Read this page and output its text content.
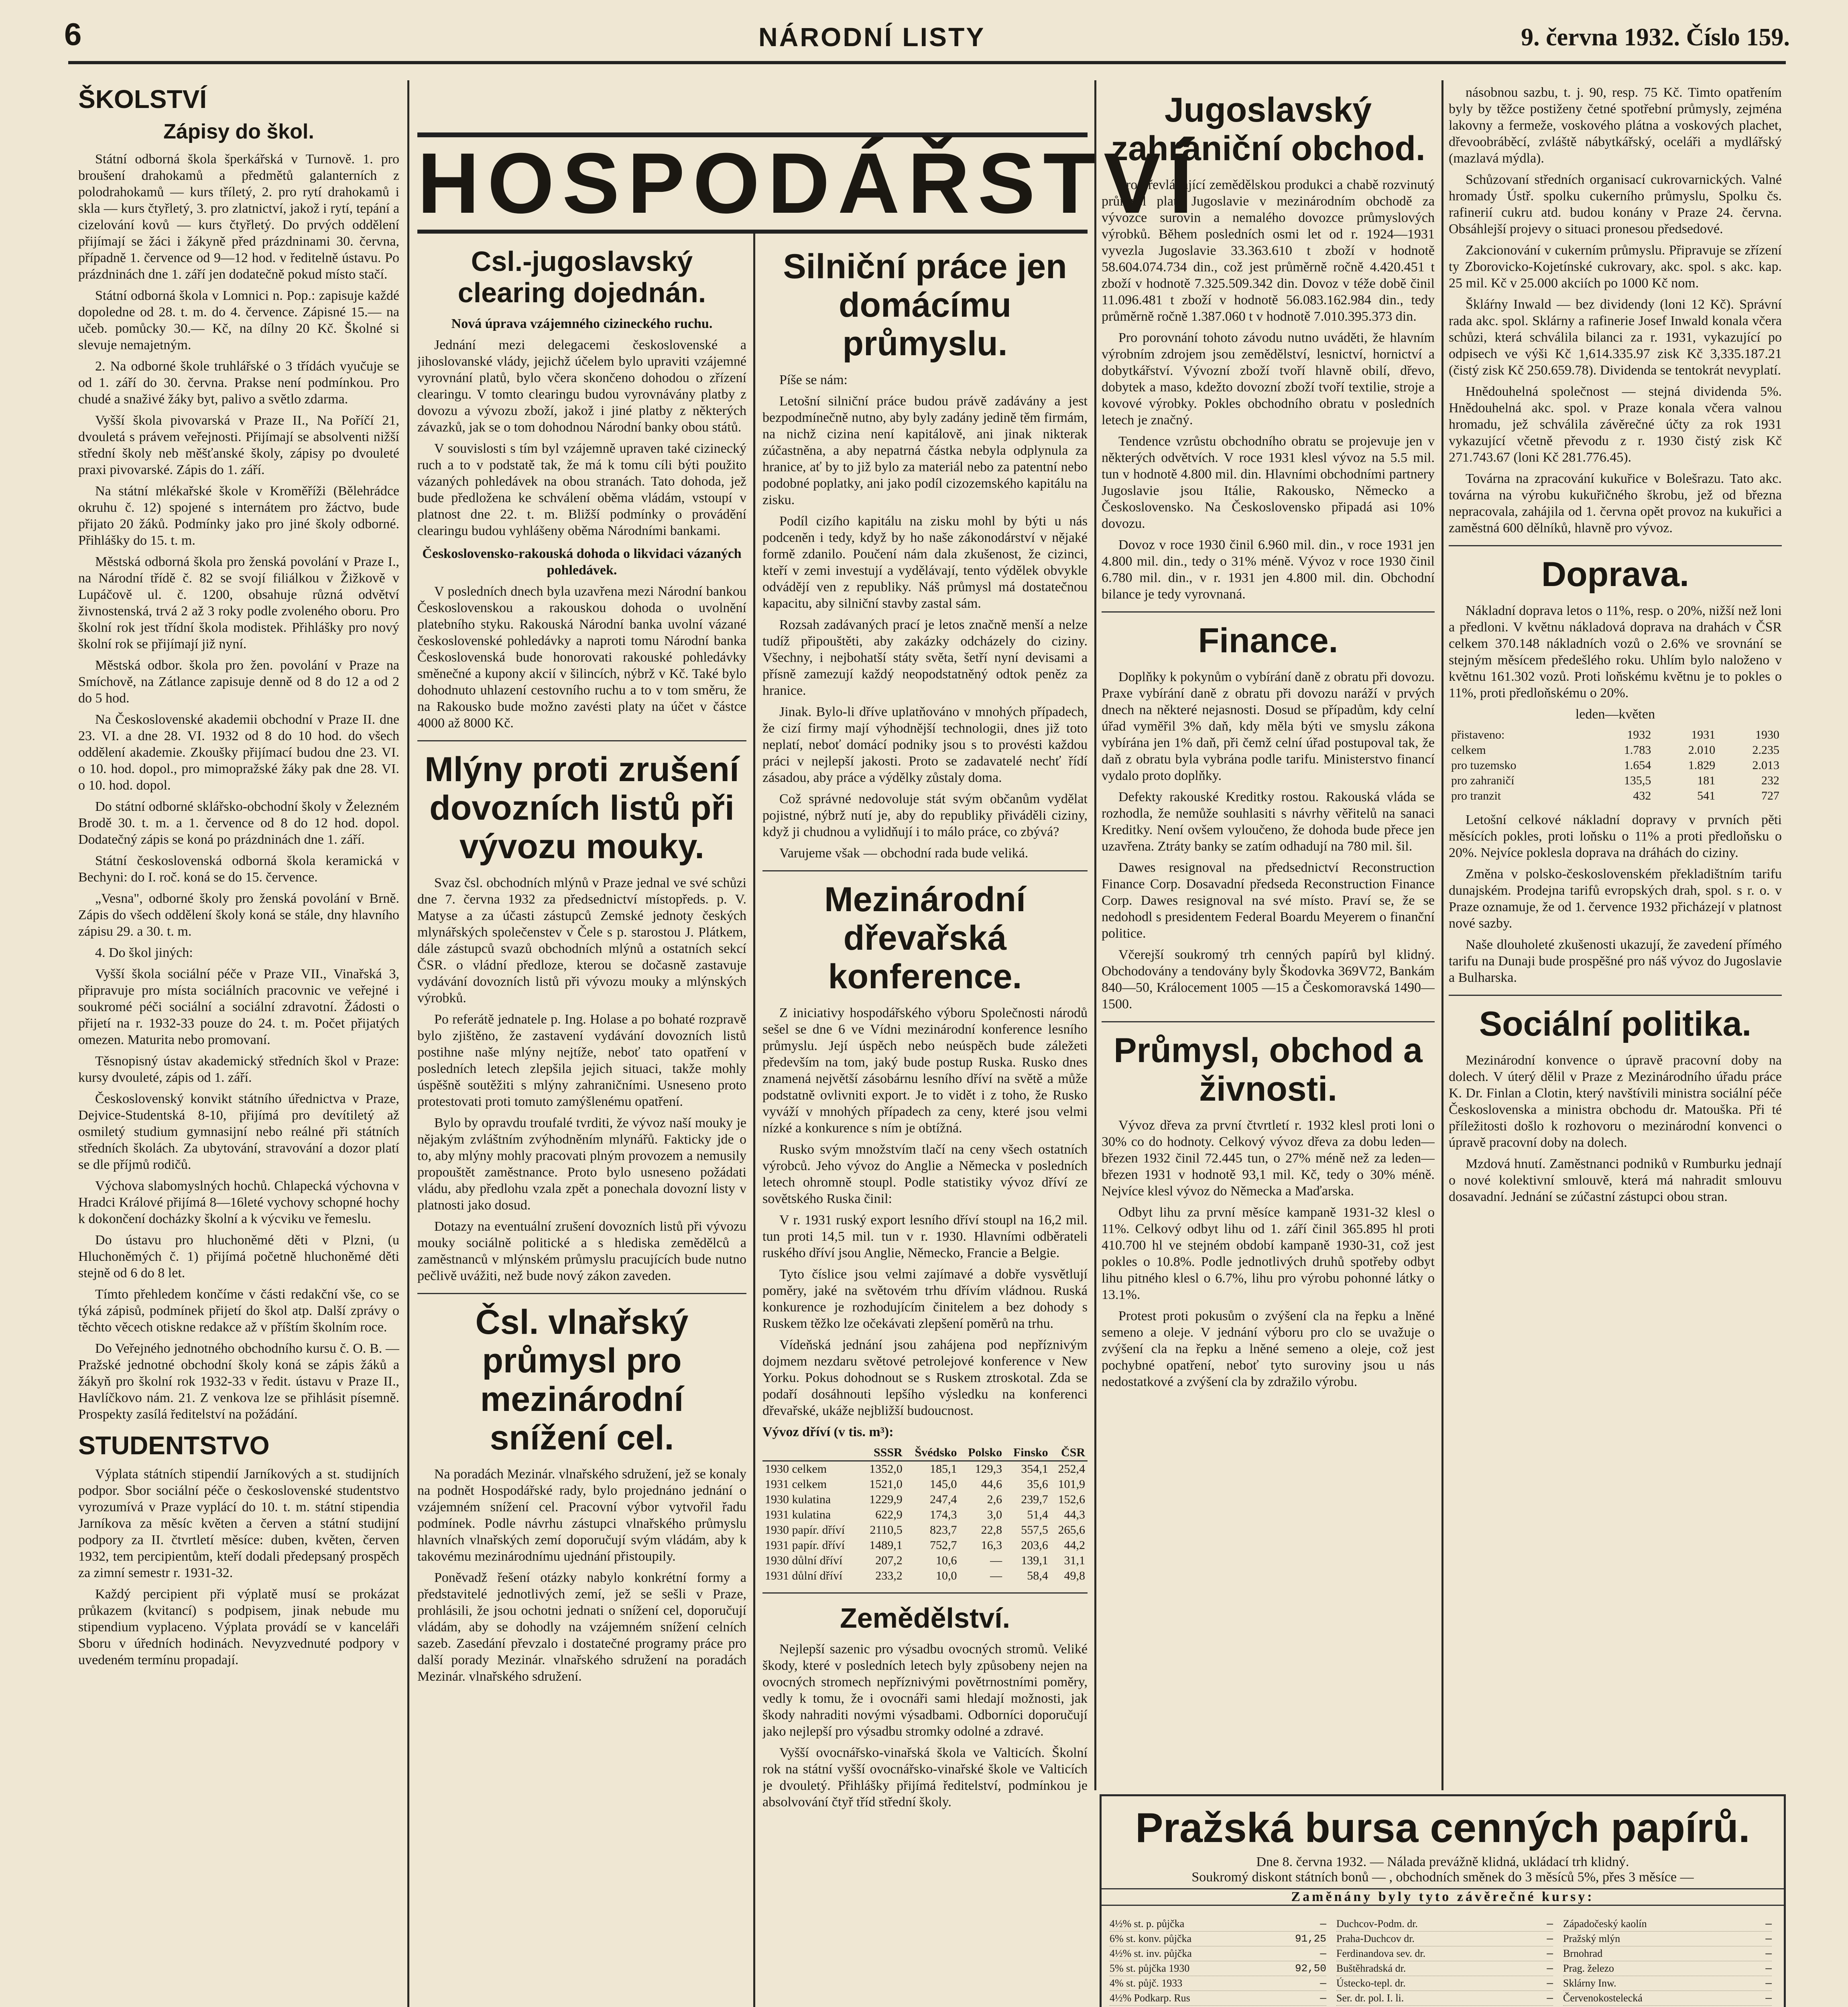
6	NÁRODNÍ LISTY	9. června 1932. Číslo 159.
ŠKOLSTVÍ
Zápisy do škol.
Státní odborná škola šperkářská v Turnově. 1. pro broušení drahokamů a předmětů galanterních z polodrahokamů — kurs tříletý, 2. pro rytí drahokamů i skla — kurs čtyřletý, 3. pro zlatnictví, jakož i rytí, tepání a cizelování kovů — kurs čtyřletý. Do prvých oddělení přijímají se žáci i žákyně před prázdninami 30. června, případně 1. července od 9—12 hod. v ředitelně ústavu. Po prázdninách dne 1. září jen dodatečně pokud místo stačí.
Státní odborná škola v Lomnici n. Pop.: zapisuje každé dopoledne od 28. t. m. do 4. července. Zápisné 15.— na učeb. pomůcky 30.— Kč, na dílny 20 Kč. Školné si slevuje nemajetným.
2. Na odborné škole truhlářské o 3 třídách vyučuje se od 1. září do 30. června. Prakse není podmínkou. Pro chudé a snaživé žáky byt, palivo a světlo zdarma.
Vyšší škola pivovarská v Praze II., Na Poříčí 21, dvouletá s právem veřejnosti. Přijímají se absolventi nižší střední školy neb měšťanské školy, zápisy po dvouleté praxi pivovarské. Zápis do 1. září.
Na státní mlékařské škole v Kroměříži (Bělehrádce okruhu č. 12) spojené s internátem pro žáctvo, bude přijato 20 žáků. Podmínky jako pro jiné školy odborné. Přihlášky do 15. t. m.
Městská odborná škola pro ženská povolání v Praze I., na Národní třídě č. 82 se svojí filiálkou v Žižkově v Lupáčově ul. č. 1200, obsahuje různá odvětví živnostenská, trvá 2 až 3 roky podle zvoleného oboru. Pro školní rok jest třídní škola modistek. Přihlášky pro nový školní rok se přijímají již nyní.
Městská odbor. škola pro žen. povolání v Praze na Smíchově, na Zátlance zapisuje denně od 8 do 12 a od 2 do 5 hod.
Na Československé akademii obchodní v Praze II. dne 23. VI. a dne 28. VI. 1932 od 8 do 10 hod. do všech oddělení akademie. Zkoušky přijímací budou dne 23. VI. o 10. hod. dopol., pro mimopražské žáky pak dne 28. VI. o 10. hod. dopol.
Do státní odborné sklářsko-obchodní školy v Železném Brodě 30. t. m. a 1. července od 8 do 12 hod. dopol. Dodatečný zápis se koná po prázdninách dne 1. září.
Státní československá odborná škola keramická v Bechyni: do I. roč. koná se do 15. července.
„Vesna", odborné školy pro ženská povolání v Brně. Zápis do všech oddělení školy koná se stále, dny hlavního zápisu 29. a 30. t. m.
4. Do škol jiných:
Vyšší škola sociální péče v Praze VII., Vinařská 3, připravuje pro místa sociálních pracovnic ve veřejné i soukromé péči sociální a sociální zdravotní. Žádosti o přijetí na r. 1932-33 pouze do 24. t. m. Počet přijatých omezen. Maturita nebo promovaní.
Těsnopisný ústav akademický středních škol v Praze: kursy dvouleté, zápis od 1. září.
Československý konvikt státního úřednictva v Praze, Dejvice-Studentská 8-10, přijímá pro devítiletý až osmiletý studium gymnasijní nebo reálné při státních středních školách. Za ubytování, stravování a dozor platí se dle příjmů rodičů.
Výchova slabomyslných hochů. Chlapecká výchovna v Hradci Králové přijímá 8—16leté vychovy schopné hochy k dokončení docházky školní a k výcviku ve řemeslu.
Do ústavu pro hluchoněmé děti v Plzni, (u Hluchoněmých č. 1) přijímá početně hluchoněmé děti stejně od 6 do 8 let.
Tímto přehledem končíme v části redakční vše, co se týká zápisů, podmínek přijetí do škol atp. Další zprávy o těchto věcech otiskne redakce až v příštím školním roce.
Do Veřejného jednotného obchodního kursu č. O. B. — Pražské jednotné obchodní školy koná se zápis žáků a žákyň pro školní rok 1932-33 v ředit. ústavu v Praze II., Havlíčkovo nám. 21. Z venkova lze se přihlásit písemně. Prospekty zasílá ředitelství na požádání.
STUDENTSTVO
Výplata státních stipendií Jarníkových a st. studijních podpor. Sbor sociální péče o československé studentstvo vyrozumívá v Praze vyplácí do 10. t. m. státní stipendia Jarníkova za měsíc květen a červen a státní studijní podpory za II. čtvrtletí měsíce: duben, květen, červen 1932, tem percipientům, kteří dodali předepsaný prospěch za zimní semestr r. 1931-32.
Každý percipient při výplatě musí se prokázat průkazem (kvitancí) s podpisem, jinak nebude mu stipendium vyplaceno. Výplata provádí se v kanceláři Sboru v úředních hodinách. Nevyzvednuté podpory v uvedeném termínu propadají.
HOSPODÁŘSTVÍ
Csl.-jugoslavský clearing dojednán.
Nová úprava vzájemného cizineckého ruchu.
Jednání mezi delegacemi československé a jihoslovanské vlády, jejichž účelem bylo upraviti vzájemné vyrovnání platů, bylo včera skončeno dohodou o zřízení clearingu. V tomto clearingu budou vyrovnávány platby z dovozu a vývozu zboží, jakož i jiné platby z některých závazků, jak se o tom dohodnou Národní banky obou států.
V souvislosti s tím byl vzájemně upraven také cizinecký ruch a to v podstatě tak, že má k tomu cíli býti použito vázaných pohledávek na obou stranách. Tato dohoda, jež bude předložena ke schválení oběma vládám, vstoupí v platnost dne 22. t. m. Bližší podmínky o provádění clearingu budou vyhlášeny oběma Národními bankami.
Československo-rakouská dohoda o likvidaci vázaných pohledávek.
V posledních dnech byla uzavřena mezi Národní bankou Československou a rakouskou dohoda o uvolnění platebního styku. Rakouská Národní banka uvolní vázané československé pohledávky a naproti tomu Národní banka Československá bude honorovati rakouské pohledávky směnečné a kupony akcií v šilincích, nýbrž v Kč. Také bylo dohodnuto uhlazení cestovního ruchu a to v tom směru, že na Rakousko bude možno zavésti platy na účet v částce 4000 až 8000 Kč.
Mlýny proti zrušení dovozních listů při vývozu mouky.
Svaz čsl. obchodních mlýnů v Praze jednal ve své schůzi dne 7. června 1932 za předsednictví místopředs. p. V. Matyse a za účasti zástupců Zemské jednoty českých mlynářských společenstev v Čele s p. starostou J. Plátkem, dále zástupců svazů obchodních mlýnů a ostatních sekcí ČSR. o vládní předloze, kterou se dočasně zastavuje vydávání dovozních listů při vývozu mouky a mlýnských výrobků.
Po referátě jednatele p. Ing. Holase a po bohaté rozpravě bylo zjištěno, že zastavení vydávání dovozních listů postihne naše mlýny nejtíže, neboť tato opatření v posledních letech zlepšila jejich situaci, takže mohly úspěšně soutěžiti s mlýny zahraničními. Usneseno proto protestovati proti tomuto zamýšlenému opatření.
Bylo by opravdu troufalé tvrditi, že vývoz naší mouky je nějakým zvláštním zvýhodněním mlynářů. Fakticky jde o to, aby mlýny mohly pracovati plným provozem a nemusily propouštět zaměstnance. Proto bylo usneseno požádati vládu, aby předlohu vzala zpět a ponechala dovozní listy v platnosti jako dosud.
Dotazy na eventuální zrušení dovozních listů při vývozu mouky sociálně politické a s hlediska zemědělců a zaměstnanců v mlýnském průmyslu pracujících bude nutno pečlivě uvážiti, než bude nový zákon zaveden.
Čsl. vlnařský průmysl pro mezinárodní snížení cel.
Na poradách Mezinár. vlnařského sdružení, jež se konaly na podnět Hospodářské rady, bylo projednáno jednání o vzájemném snížení cel. Pracovní výbor vytvořil řadu podmínek. Podle návrhu zástupci vlnařského průmyslu hlavních vlnařských zemí doporučují svým vládám, aby k takovému mezinárodnímu ujednání přistoupily.
Poněvadž řešení otázky nabylo konkrétní formy a představitelé jednotlivých zemí, jež se sešli v Praze, prohlásili, že jsou ochotni jednati o snížení cel, doporučují vládám, aby se dohodly na vzájemném snížení celních sazeb. Zasedání převzalo i dostatečné programy práce pro další porady Mezinár. vlnařského sdružení na poradách Mezinár. vlnařského sdružení.
Silniční práce jen domácímu průmyslu.
Píše se nám:
Letošní silniční práce budou právě zadávány a jest bezpodmínečně nutno, aby byly zadány jedině těm firmám, na nichž cizina není kapitálově, ani jinak nikterak zúčastněna, a aby nepatrná částka nebyla odplynula za hranice, ať by to již bylo za materiál nebo za patentní nebo podobné poplatky, ani jako podíl cizozemského kapitálu na zisku.
Podíl cizího kapitálu na zisku mohl by býti u nás podceněn i tedy, když by ho naše zákonodárství v nějaké formě zdanilo. Poučení nám dala zkušenost, že cizinci, kteří v zemi investují a vydělávají, tento výdělek obvykle odvádějí ven z republiky. Náš průmysl má dostatečnou kapacitu, aby silniční stavby zastal sám.
Rozsah zadávaných prací je letos značně menší a nelze tudíž připouštěti, aby zakázky odcházely do ciziny. Všechny, i nejbohatší státy světa, šetří nyní devisami a přísně zamezují každý neopodstatněný odtok peněz za hranice.
Jinak. Bylo-li dříve uplatňováno v mnohých případech, že cizí firmy mají výhodnější technologii, dnes již toto neplatí, neboť domácí podniky jsou s to provésti každou práci v nejlepší jakosti. Proto se zadavatelé nechť řídí zásadou, aby práce a výdělky zůstaly doma.
Což správné nedovoluje stát svým občanům vydělat pojistné, nýbrž nutí je, aby do republiky přiváděli ciziny, když ji chudnou a vylidňují i to málo práce, co zbývá?
Varujeme však — obchodní rada bude veliká.
Mezinárodní dřevařská konference.
Z iniciativy hospodářského výboru Společnosti národů sešel se dne 6 ve Vídni mezinárodní konference lesního průmyslu. Její úspěch nebo neúspěch bude záležeti především na tom, jaký bude postup Ruska. Rusko dnes znamená největší zásobárnu lesního dříví na světě a může podstatně ovlivniti export. Je to vidět i z toho, že Rusko vyváží v mnohých případech za ceny, které jsou velmi nízké a konkurence s ním je obtížná.
Rusko svým množstvím tlačí na ceny všech ostatních výrobců. Jeho vývoz do Anglie a Německa v posledních letech ohromně stoupl. Podle statistiky vývoz dříví ze sovětského Ruska činil:
V r. 1931 ruský export lesního dříví stoupl na 16,2 mil. tun proti 14,5 mil. tun v r. 1930. Hlavními odběrateli ruského dříví jsou Anglie, Německo, Francie a Belgie.
Tyto číslice jsou velmi zajímavé a dobře vysvětlují poměry, jaké na světovém trhu dřívím vládnou. Ruská konkurence je rozhodujícím činitelem a bez dohody s Ruskem těžko lze očekávati zlepšení poměrů na trhu.
Vídeňská jednání jsou zahájena pod nepříznivým dojmem nezdaru světové petrolejové konference v New Yorku. Pokus dohodnout se s Ruskem ztroskotal. Zda se podaří dosáhnouti lepšího výsledku na konferenci dřevařské, ukáže nejbližší budoucnost.
Vývoz dříví (v tis. m³):
	SSSR	Švédsko	Polsko	Finsko	ČSR
1930 celkem	1352,0	185,1	129,3	354,1	252,4
1931 celkem	1521,0	145,0	44,6	35,6	101,9
1930 kulatina	1229,9	247,4	2,6	239,7	152,6
1931 kulatina	622,9	174,3	3,0	51,4	44,3
1930 papír. dříví	2110,5	823,7	22,8	557,5	265,6
1931 papír. dříví	1489,1	752,7	16,3	203,6	44,2
1930 důlní dříví	207,2	10,6	—	139,1	31,1
1931 důlní dříví	233,2	10,0	—	58,4	49,8
Zemědělství.
Nejlepší sazenic pro výsadbu ovocných stromů. Veliké škody, které v posledních letech byly způsobeny nejen na ovocných stromech nepříznivými povětrnostními poměry, vedly k tomu, že i ovocnáři sami hledají možnosti, jak škody nahraditi novými výsadbami. Odborníci doporučují jako nejlepší pro výsadbu stromky odolné a zdravé.
Vyšší ovocnářsko-vinařská škola ve Valticích. Školní rok na státní vyšší ovocnářsko-vinařské škole ve Valticích je dvouletý. Přihlášky přijímá ředitelství, podmínkou je absolvování čtyř tříd střední školy.
Jugoslavský zahraniční obchod.
Pro převládající zemědělskou produkci a chabě rozvinutý průmysl platí Jugoslavie v mezinárodním obchodě za vývozce surovin a nemalého dovozce průmyslových výrobků. Během posledních osmi let od r. 1924—1931 vyvezla Jugoslavie 33.363.610 t zboží v hodnotě 58.604.074.734 din., což jest průměrně ročně 4.420.451 t zboží v hodnotě 7.325.509.342 din. Dovoz v téže době činil 11.096.481 t zboží v hodnotě 56.083.162.984 din., tedy průměrně ročně 1.387.060 t v hodnotě 7.010.395.373 din.
Pro porovnání tohoto závodu nutno uváděti, že hlavním výrobním zdrojem jsou zemědělství, lesnictví, hornictví a dobytkářství. Vývozní zboží tvoří hlavně obilí, dřevo, dobytek a maso, kdežto dovozní zboží tvoří textilie, stroje a kovové výrobky. Pokles obchodního obratu v posledních letech je značný.
Tendence vzrůstu obchodního obratu se projevuje jen v některých odvětvích. V roce 1931 klesl vývoz na 5.5 mil. tun v hodnotě 4.800 mil. din. Hlavními obchodními partnery Jugoslavie jsou Itálie, Rakousko, Německo a Československo. Na Československo připadá asi 10% dovozu.
Dovoz v roce 1930 činil 6.960 mil. din., v roce 1931 jen 4.800 mil. din., tedy o 31% méně. Vývoz v roce 1930 činil 6.780 mil. din., v r. 1931 jen 4.800 mil. din. Obchodní bilance je tedy vyrovnaná.
Finance.
Doplňky k pokynům o vybírání daně z obratu při dovozu. Praxe vybírání daně z obratu při dovozu naráží v prvých dnech na některé nejasnosti. Dosud se případům, kdy celní úřad vyměřil 3% daň, kdy měla býti ve smyslu zákona vybírána jen 1% daň, při čemž celní úřad postupoval tak, že daň z obratu byla vybrána podle tarifu. Ministerstvo financí vydalo proto doplňky.
Defekty rakouské Kreditky rostou. Rakouská vláda se rozhodla, že nemůže souhlasiti s návrhy věřitelů na sanaci Kreditky. Není ovšem vyloučeno, že dohoda bude přece jen uzavřena. Ztráty banky se zatím odhadují na 780 mil. šil.
Dawes resignoval na předsednictví Reconstruction Finance Corp. Dosavadní předseda Reconstruction Finance Corp. Dawes resignoval na své místo. Praví se, že se nedohodl s presidentem Federal Boardu Meyerem o finanční politice.
Včerejší soukromý trh cenných papírů byl klidný. Obchodovány a tendovány byly Škodovka 369V72, Bankám 840—50, Králocement 1005 —15 a Českomoravská 1490—1500.
Průmysl, obchod a živnosti.
Vývoz dřeva za první čtvrtletí r. 1932 klesl proti loni o 30% co do hodnoty. Celkový vývoz dřeva za dobu leden—březen 1932 činil 72.445 tun, o 27% méně než za leden—březen 1931 v hodnotě 93,1 mil. Kč, tedy o 30% méně. Nejvíce klesl vývoz do Německa a Maďarska.
Odbyt lihu za první měsíce kampaně 1931-32 klesl o 11%. Celkový odbyt lihu od 1. září činil 365.895 hl proti 410.700 hl ve stejném období kampaně 1930-31, což jest pokles o 10.8%. Podle jednotlivých druhů spotřeby odbyt lihu pitného klesl o 6.7%, lihu pro výrobu pohonné látky o 13.1%.
Protest proti pokusům o zvýšení cla na řepku a lněné semeno a oleje. V jednání výboru pro clo se uvažuje o zvýšení cla na řepku a lněné semeno a oleje, což jest pochybné opatření, neboť tyto suroviny jsou u nás nedostatkové a zvýšení cla by zdražilo výrobu.
násobnou sazbu, t. j. 90, resp. 75 Kč. Timto opatřením byly by těžce postiženy četné spotřební průmysly, zejména lakovny a fermeže, voskového plátna a voskových plachet, dřevoobráběcí, zvláště nábytkářský, oceláři a mydlářský (mazlavá mýdla).
Schůzovaní středních organisací cukrovarnických. Valné hromady Ústř. spolku cukerního průmyslu, Spolku čs. rafinerií cukru atd. budou konány v Praze 24. června. Obsáhlejší projevy o situaci pronesou předsedové.
Zakcionování v cukerním průmyslu. Připravuje se zřízení ty Zborovicko-Kojetínské cukrovary, akc. spol. s akc. kap. 25 mil. Kč v 25.000 akciích po 1000 Kč nom.
Škláŕny Inwald — bez dividendy (loni 12 Kč). Správní rada akc. spol. Sklárny a rafinerie Josef Inwald konala včera schůzi, která schválila bilanci za r. 1931, vykazující po odpisech ve výši Kč 1,614.335.97 zisk Kč 3,335.187.21 (čistý zisk Kč 250.659.78). Dividenda se tentokrát nevyplatí.
Hnědouhelná společnost — stejná dividenda 5%. Hnědouhelná akc. spol. v Praze konala včera valnou hromadu, jež schválila závěrečné účty za rok 1931 vykazující včetně převodu z r. 1930 čistý zisk Kč 271.743.67 (loni Kč 281.776.45).
Továrna na zpracování kukuřice v Bolešrazu. Tato akc. továrna na výrobu kukuřičného škrobu, jež od března nepracovala, zahájila od 1. června opět provoz na kukuřici a zaměstná 600 dělníků, hlavně pro vývoz.
Doprava.
Nákladní doprava letos o 11%, resp. o 20%, nižší než loni a předloni. V květnu nákladová doprava na drahách v ČSR celkem 370.148 nákladních vozů o 2.6% ve srovnání se stejným měsícem předešlého roku. Uhlím bylo naloženo v květnu 161.302 vozů. Proti loňskému květnu je to pokles o 11%, proti předloňskému o 20%.
leden—květen
přistaveno:	1932	1931	1930
celkem	1.783	2.010	2.235
pro tuzemsko	1.654	1.829	2.013
pro zahraničí	135,5	181	232
pro tranzit	432	541	727
Letošní celkové nákladní dopravy v prvních pěti měsících pokles, proti loňsku o 11% a proti předloňsku o 20%. Nejvíce poklesla doprava na dráhách do ciziny.
Změna v polsko-československém překladištním tarifu dunajském. Prodejna tarifů evropských drah, spol. s r. o. v Praze oznamuje, že od 1. července 1932 přicházejí v platnost nové sazby.
Naše dlouholeté zkušenosti ukazují, že zavedení přímého tarifu na Dunaji bude prospěšné pro náš vývoz do Jugoslavie a Bulharska.
Sociální politika.
Mezinárodní konvence o úpravě pracovní doby na dolech. V úterý dělil v Praze z Mezinárodního úřadu práce K. Dr. Finlan a Clotin, který navštívili ministra sociální péče Československa a ministra obchodu dr. Matouška. Při té příležitosti došlo k rozhovoru o mezinárodní konvenci o úpravě pracovní doby na dolech.
Mzdová hnutí. Zaměstnanci podniků v Rumburku jednají o nové kolektivní smlouvě, která má nahradit smlouvu dosavadní. Jednání se zúčastní zástupci obou stran.
Pražská bursa cenných papírů.
Dne 8. června 1932. — Nálada prevážně klidná, ukládací trh klidný.
Soukromý diskont státních bonů — , obchodních směnek do 3 měsíců 5%, přes 3 měsíce —
Zaměnány byly tyto závěrečné kursy:
4½% st. p. půjčka	—
6% st. konv. půjčka	91,25
4½% st. inv. půjčka	—
5% st. půjčka 1930	92,50
4% st. půjč. 1933	—
4½% Podkarp. Rus	—
Duchcov-Podm. dr.	—
Praha-Duchcov dr.	—
Ferdinandova sev. dr.	—
Buštěhradská dr.	—
Ústecko-tepl. dr.	—
Ser. dr. pol. I. li.	—
Západočeský kaolín	—
Pražský mlýn	—
Brnohrad	—
Prag. železo	—
Sklárny Inw.	—
Červenokostelecká	—
